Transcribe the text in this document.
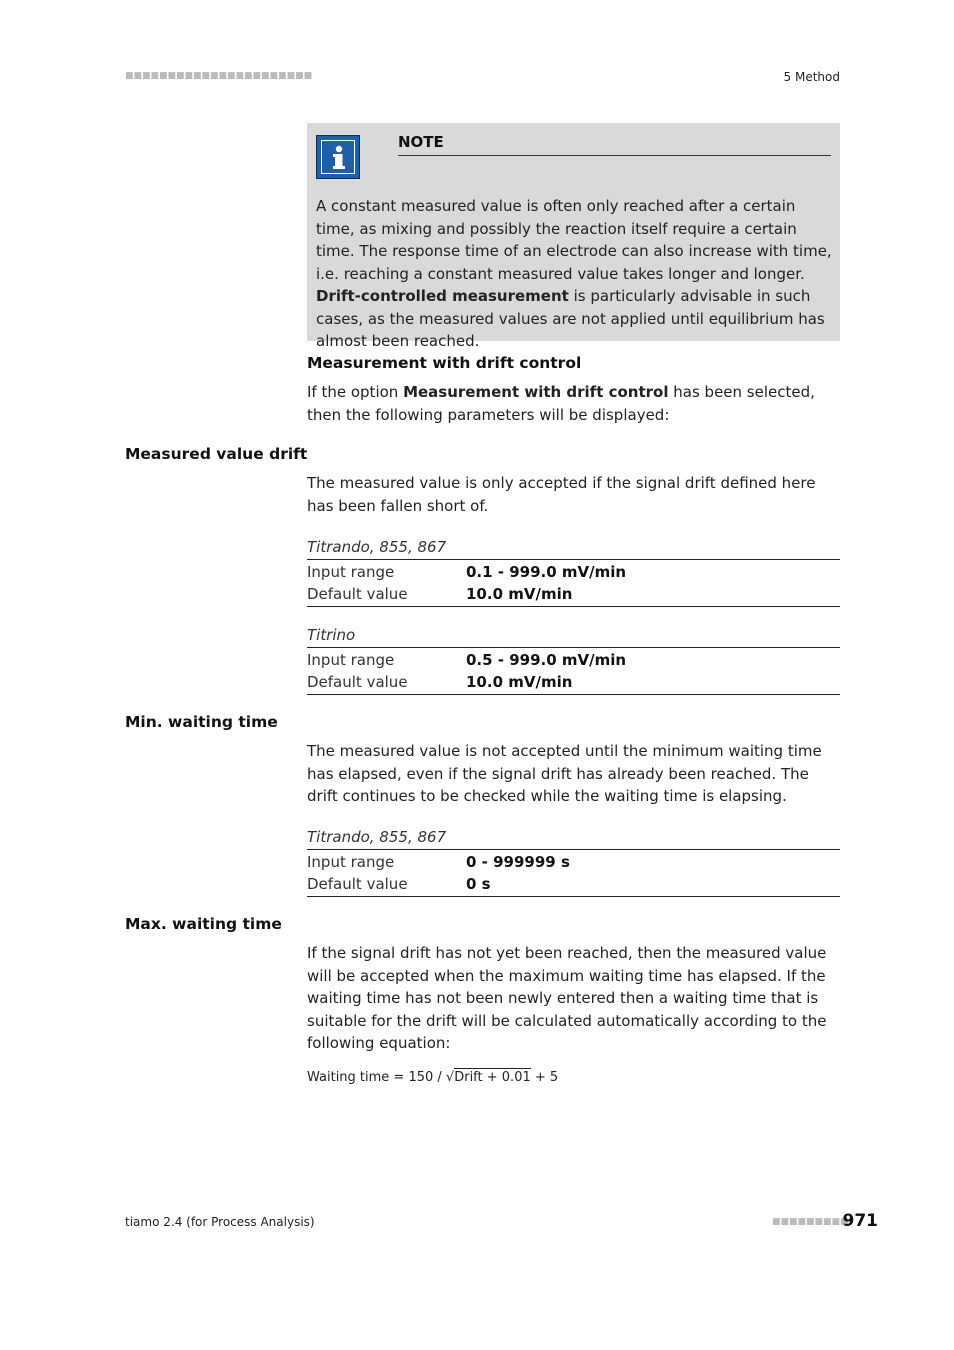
■■■■■■■■■■■■■■■■■■■■■■	5 Method
NOTE
A constant measured value is often only reached after a certain time, as mixing and possibly the reaction itself require a certain time. The response time of an electrode can also increase with time, i.e. reaching a constant measured value takes longer and longer. Drift-controlled measurement is particularly advisable in such cases, as the measured values are not applied until equilibrium has almost been reached.
Measurement with drift control
If the option Measurement with drift control has been selected, then the following parameters will be displayed:
Measured value drift
The measured value is only accepted if the signal drift defined here has been fallen short of.
Titrando, 855, 867
Input range	0.1 - 999.0 mV/min
Default value	10.0 mV/min
Titrino
Input range	0.5 - 999.0 mV/min
Default value	10.0 mV/min
Min. waiting time
The measured value is not accepted until the minimum waiting time has elapsed, even if the signal drift has already been reached. The drift continues to be checked while the waiting time is elapsing.
Titrando, 855, 867
Input range	0 - 999999 s
Default value	0 s
Max. waiting time
If the signal drift has not yet been reached, then the measured value will be accepted when the maximum waiting time has elapsed. If the waiting time has not been newly entered then a waiting time that is suitable for the drift will be calculated automatically according to the following equation:
Waiting time = 150 / √Drift + 0.01 + 5
tiamo 2.4 (for Process Analysis)	■■■■■■■■■
971
